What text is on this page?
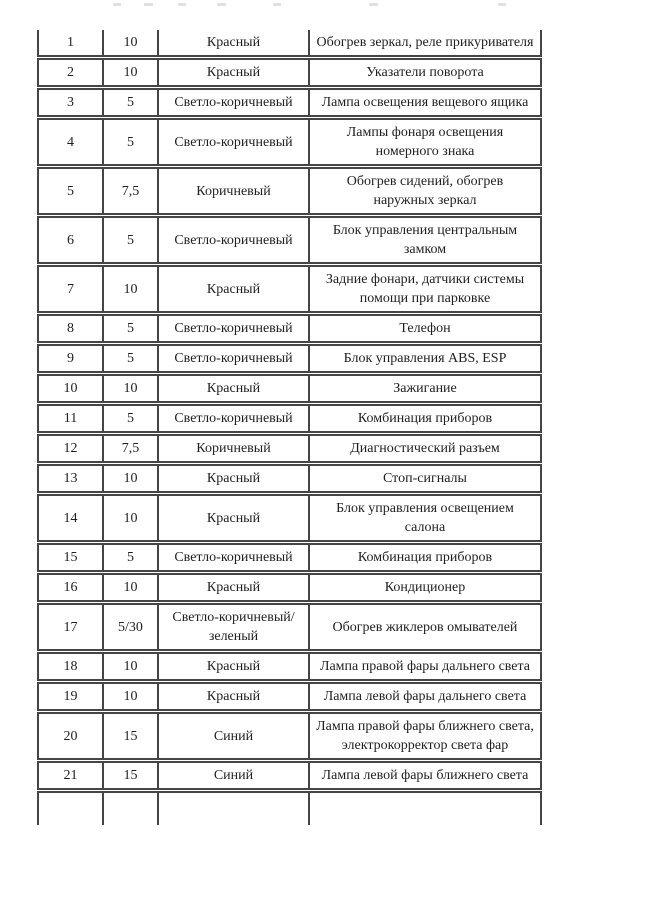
1	10	Красный	Обогрев зеркал, реле прикуривателя
2	10	Красный	Указатели поворота
3	5	Светло-коричневый	Лампа освещения вещевого ящика
4	5	Светло-коричневый	Лампы фонаря освещения номерного знака
5	7,5	Коричневый	Обогрев сидений, обогрев наружных зеркал
6	5	Светло-коричневый	Блок управления центральным замком
7	10	Красный	Задние фонари, датчики системы помощи при парковке
8	5	Светло-коричневый	Телефон
9	5	Светло-коричневый	Блок управления ABS, ESP
10	10	Красный	Зажигание
11	5	Светло-коричневый	Комбинация приборов
12	7,5	Коричневый	Диагностический разъем
13	10	Красный	Стоп-сигналы
14	10	Красный	Блок управления освещением салона
15	5	Светло-коричневый	Комбинация приборов
16	10	Красный	Кондиционер
17	5/30	Светло-коричневый/зеленый	Обогрев жиклеров омывателей
18	10	Красный	Лампа правой фары дальнего света
19	10	Красный	Лампа левой фары дальнего света
20	15	Синий	Лампа правой фары ближнего света, электрокорректор света фар
21	15	Синий	Лампа левой фары ближнего света
